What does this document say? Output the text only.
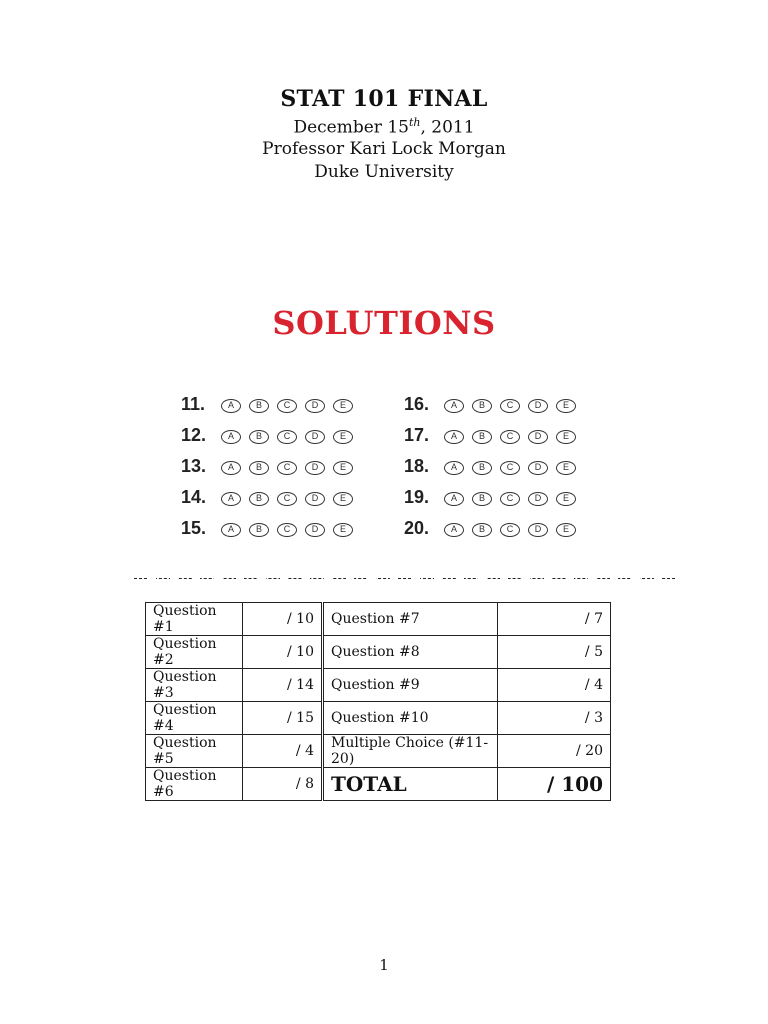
STAT 101 FINAL
December 15th, 2011
Professor Kari Lock Morgan
Duke University
SOLUTIONS
11.	A	B	C	D	E
12.	A	B	C	D	E
13.	A	B	C	D	E
14.	A	B	C	D	E
15.	A	B	C	D	E
16.	A	B	C	D	E
17.	A	B	C	D	E
18.	A	B	C	D	E
19.	A	B	C	D	E
20.	A	B	C	D	E
Question #1	/ 10	Question #7	/ 7
Question #2	/ 10	Question #8	/ 5
Question #3	/ 14	Question #9	/ 4
Question #4	/ 15	Question #10	/ 3
Question #5	/ 4	Multiple Choice (#11-20)	/ 20
Question #6	/ 8	TOTAL	/ 100
1
